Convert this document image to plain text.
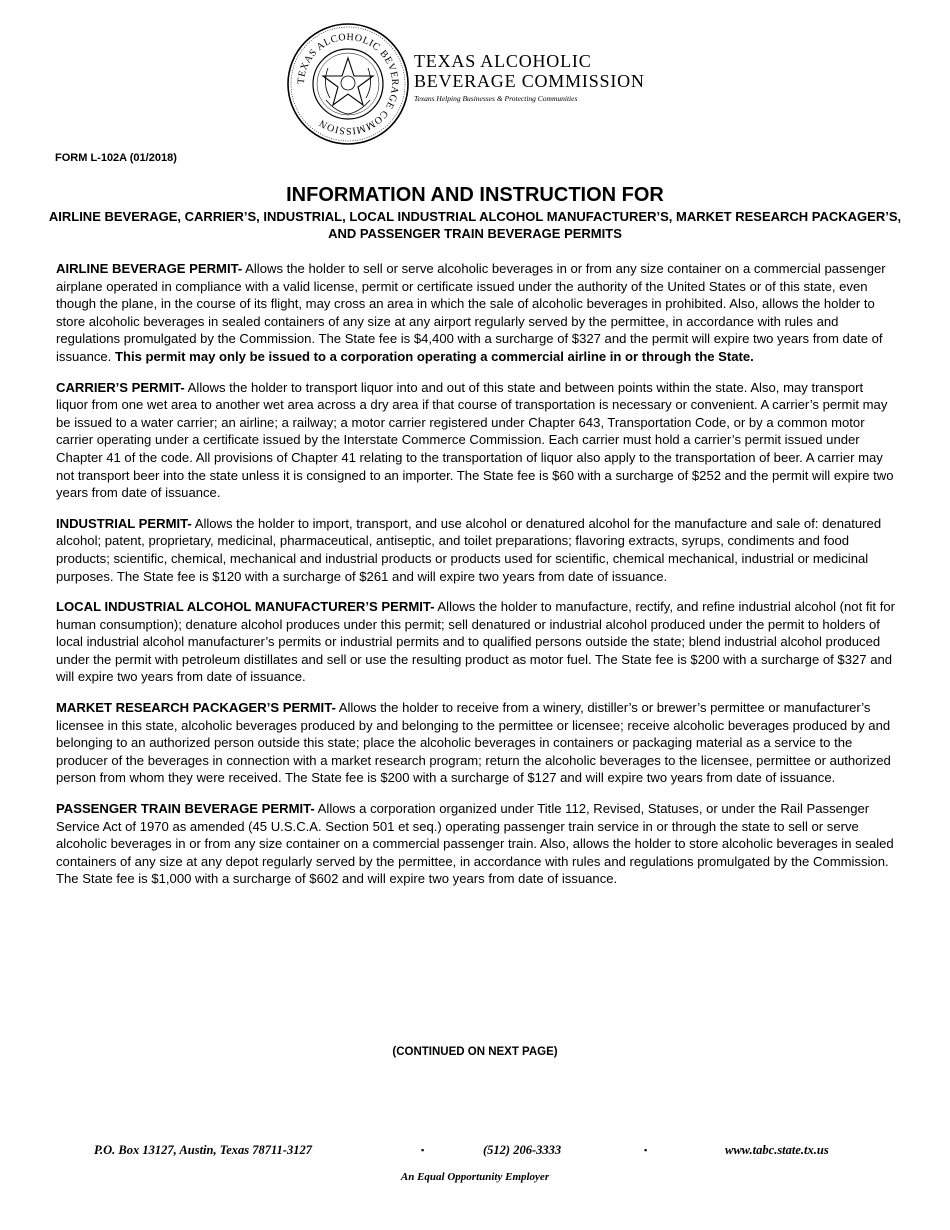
TEXAS ALCOHOLIC BEVERAGE COMMISSION
TEXAS ALCOHOLIC
BEVERAGE COMMISSION
Texans Helping Businesses & Protecting Communities
FORM L-102A (01/2018)
INFORMATION AND INSTRUCTION FOR
AIRLINE BEVERAGE, CARRIER’S, INDUSTRIAL, LOCAL INDUSTRIAL ALCOHOL MANUFACTURER’S, MARKET RESEARCH PACKAGER’S, AND PASSENGER TRAIN BEVERAGE PERMITS

AIRLINE BEVERAGE PERMIT- Allows the holder to sell or serve alcoholic beverages in or from any size container on a commercial passenger airplane operated in compliance with a valid license, permit or certificate issued under the authority of the United States or of this state, even though the plane, in the course of its flight, may cross an area in which the sale of alcoholic beverages in prohibited. Also, allows the holder to store alcoholic beverages in sealed containers of any size at any airport regularly served by the permittee, in accordance with rules and regulations promulgated by the Commission. The State fee is $4,400 with a surcharge of $327 and the permit will expire two years from date of issuance. This permit may only be issued to a corporation operating a commercial airline in or through the State.

CARRIER’S PERMIT- Allows the holder to transport liquor into and out of this state and between points within the state. Also, may transport liquor from one wet area to another wet area across a dry area if that course of transportation is necessary or convenient. A carrier’s permit may be issued to a water carrier; an airline; a railway; a motor carrier registered under Chapter 643, Transportation Code, or by a common motor carrier operating under a certificate issued by the Interstate Commerce Commission. Each carrier must hold a carrier’s permit issued under Chapter 41 of the code. All provisions of Chapter 41 relating to the transportation of liquor also apply to the transportation of beer. A carrier may not transport beer into the state unless it is consigned to an importer. The State fee is $60 with a surcharge of $252 and the permit will expire two years from date of issuance.

INDUSTRIAL PERMIT- Allows the holder to import, transport, and use alcohol or denatured alcohol for the manufacture and sale of: denatured alcohol; patent, proprietary, medicinal, pharmaceutical, antiseptic, and toilet preparations; flavoring extracts, syrups, condiments and food products; scientific, chemical, mechanical and industrial products or products used for scientific, chemical mechanical, industrial or medicinal purposes. The State fee is $120 with a surcharge of $261 and will expire two years from date of issuance.

LOCAL INDUSTRIAL ALCOHOL MANUFACTURER’S PERMIT- Allows the holder to manufacture, rectify, and refine industrial alcohol (not fit for human consumption); denature alcohol produces under this permit; sell denatured or industrial alcohol produced under the permit to holders of local industrial alcohol manufacturer’s permits or industrial permits and to qualified persons outside the state; blend industrial alcohol produced under the permit with petroleum distillates and sell or use the resulting product as motor fuel. The State fee is $200 with a surcharge of $327 and will expire two years from date of issuance.

MARKET RESEARCH PACKAGER’S PERMIT- Allows the holder to receive from a winery, distiller’s or brewer’s permittee or manufacturer’s licensee in this state, alcoholic beverages produced by and belonging to the permittee or licensee; receive alcoholic beverages produced by and belonging to an authorized person outside this state; place the alcoholic beverages in containers or packaging material as a service to the producer of the beverages in connection with a market research program; return the alcoholic beverages to the licensee, permittee or authorized person from whom they were received. The State fee is $200 with a surcharge of $127 and will expire two years from date of issuance.

PASSENGER TRAIN BEVERAGE PERMIT- Allows a corporation organized under Title 112, Revised, Statuses, or under the Rail Passenger Service Act of 1970 as amended (45 U.S.C.A. Section 501 et seq.) operating passenger train service in or through the state to sell or serve alcoholic beverages in or from any size container on a commercial passenger train. Also, allows the holder to store alcoholic beverages in sealed containers of any size at any depot regularly served by the permittee, in accordance with rules and regulations promulgated by the Commission. The State fee is $1,000 with a surcharge of $602 and will expire two years from date of issuance.

(CONTINUED ON NEXT PAGE)
P.O. Box 13127, Austin, Texas 78711-3127	▪	(512) 206-3333	▪	www.tabc.state.tx.us
An Equal Opportunity Employer
